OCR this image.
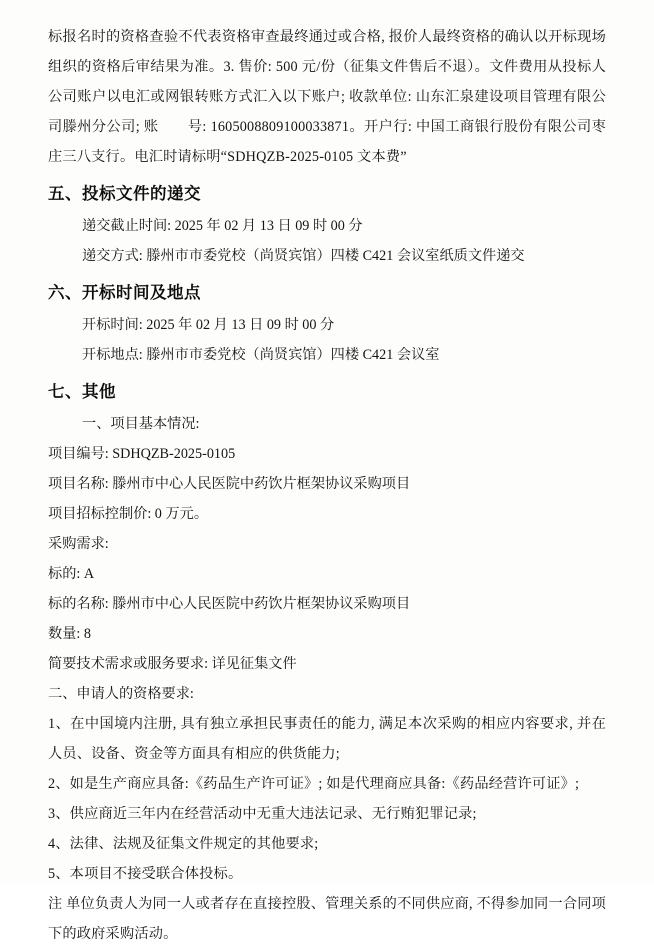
标报名时的资格查验不代表资格审查最终通过或合格, 报价人最终资格的确认以开标现场组织的资格后审结果为准。3. 售价: 500 元/份（征集文件售后不退）。文件费用从投标人公司账户以电汇或网银转账方式汇入以下账户; 收款单位: 山东汇泉建设项目管理有限公司滕州分公司; 账　　号: 1605008809100033871。开户行: 中国工商银行股份有限公司枣庄三八支行。电汇时请标明“SDHQZB-2025-0105 文本费”

五、投标文件的递交

递交截止时间: 2025 年 02 月 13 日 09 时 00 分

递交方式: 滕州市市委党校（尚贤宾馆）四楼 C421 会议室纸质文件递交

六、开标时间及地点

开标时间: 2025 年 02 月 13 日 09 时 00 分

开标地点: 滕州市市委党校（尚贤宾馆）四楼 C421 会议室

七、其他

一、项目基本情况:

项目编号: SDHQZB-2025-0105

项目名称: 滕州市中心人民医院中药饮片框架协议采购项目

项目招标控制价: 0 万元。

采购需求:

标的: A

标的名称: 滕州市中心人民医院中药饮片框架协议采购项目

数量: 8

简要技术需求或服务要求: 详见征集文件

二、申请人的资格要求:

1、在中国境内注册, 具有独立承担民事责任的能力, 满足本次采购的相应内容要求, 并在人员、设备、资金等方面具有相应的供货能力;

2、如是生产商应具备:《药品生产许可证》; 如是代理商应具备:《药品经营许可证》;

3、供应商近三年内在经营活动中无重大违法记录、无行贿犯罪记录;

4、法律、法规及征集文件规定的其他要求;

5、本项目不接受联合体投标。

注 单位负责人为同一人或者存在直接控股、管理关系的不同供应商, 不得参加同一合同项下的政府采购活动。
